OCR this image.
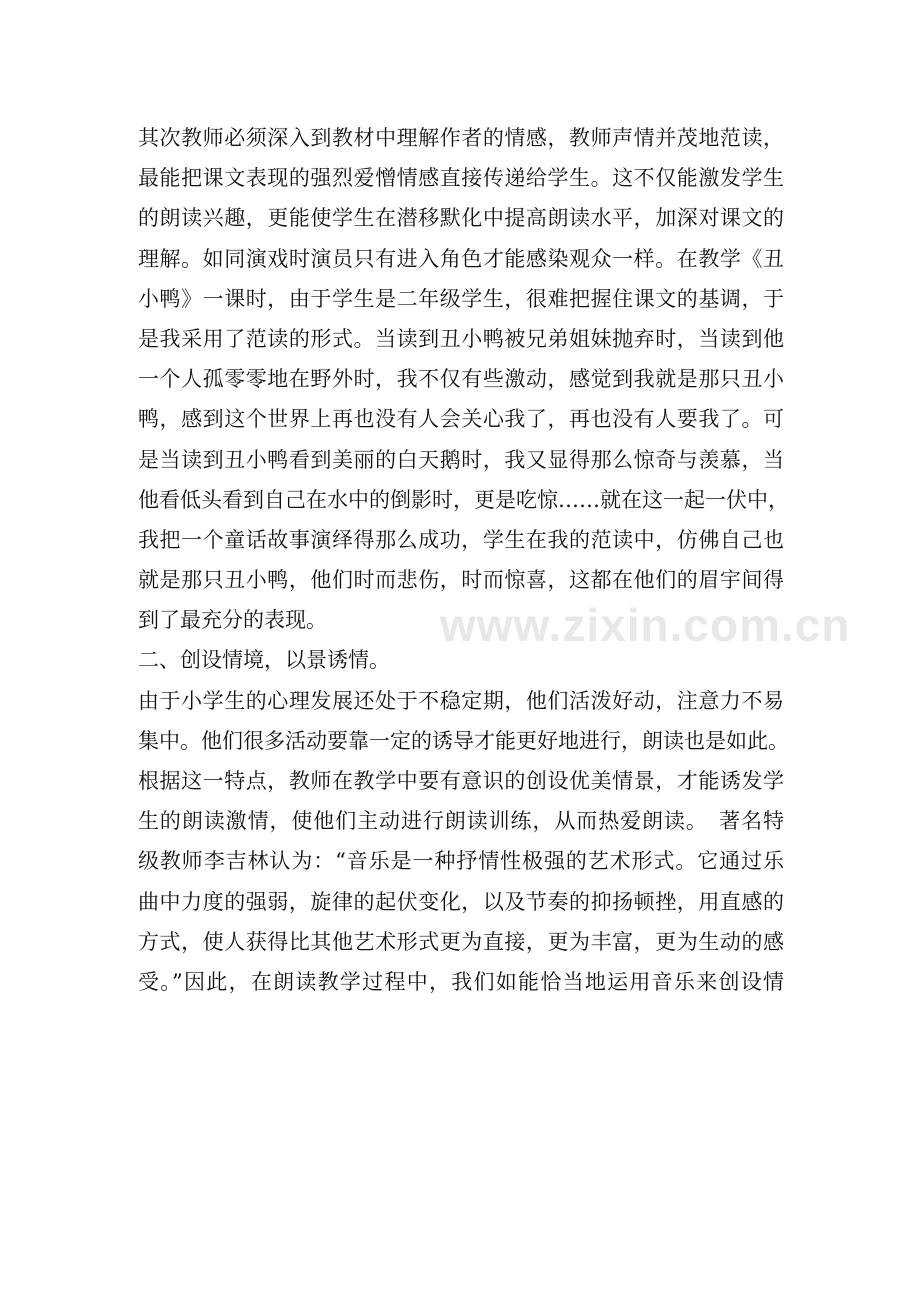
其次教师必须深入到教材中理解作者的情感，教师声情并茂地范读，
最能把课文表现的强烈爱憎情感直接传递给学生。这不仅能激发学生
的朗读兴趣，更能使学生在潜移默化中提高朗读水平，加深对课文的
理解。如同演戏时演员只有进入角色才能感染观众一样。在教学《丑
小鸭》一课时，由于学生是二年级学生，很难把握住课文的基调，于
是我采用了范读的形式。当读到丑小鸭被兄弟姐妹抛弃时，当读到他
一个人孤零零地在野外时，我不仅有些激动，感觉到我就是那只丑小
鸭，感到这个世界上再也没有人会关心我了，再也没有人要我了。可
是当读到丑小鸭看到美丽的白天鹅时，我又显得那么惊奇与羡慕，当
他看低头看到自己在水中的倒影时，更是吃惊……就在这一起一伏中，
我把一个童话故事演绎得那么成功，学生在我的范读中，仿佛自己也
就是那只丑小鸭，他们时而悲伤，时而惊喜，这都在他们的眉宇间得
到了最充分的表现。
二、创设情境，以景诱情。
由于小学生的心理发展还处于不稳定期，他们活泼好动，注意力不易
集中。他们很多活动要靠一定的诱导才能更好地进行，朗读也是如此。
根据这一特点，教师在教学中要有意识的创设优美情景，才能诱发学
生的朗读激情，使他们主动进行朗读训练，从而热爱朗读。　著名特
级教师李吉林认为：“音乐是一种抒情性极强的艺术形式。它通过乐
曲中力度的强弱，旋律的起伏变化，以及节奏的抑扬顿挫，用直感的
方式，使人获得比其他艺术形式更为直接，更为丰富，更为生动的感
受。”因此，在朗读教学过程中，我们如能恰当地运用音乐来创设情
www.zixin.com.cn
